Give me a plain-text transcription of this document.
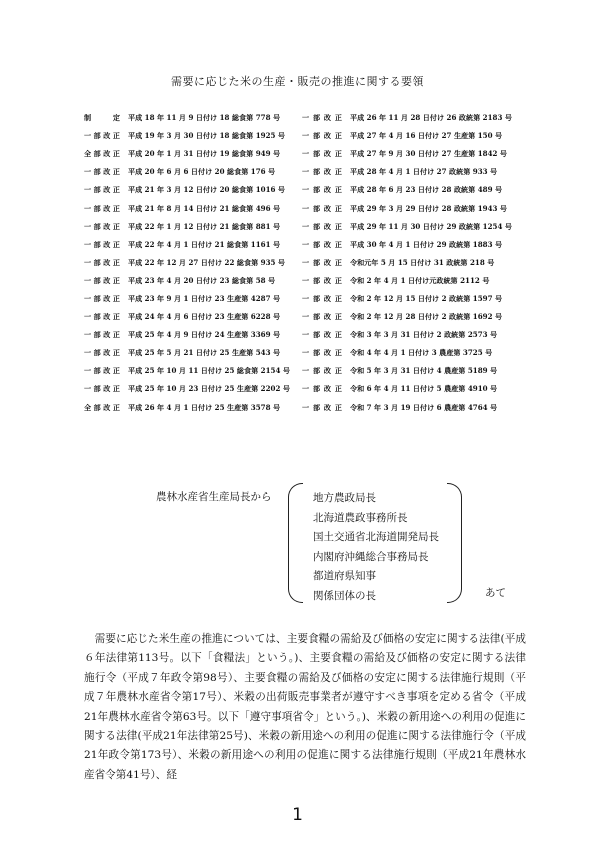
需要に応じた米の生産・販売の推進に関する要領
制定	平成 18 年 11 月 9 日付け 18 総食第 778 号	一部改正	平成 26 年 11 月 28 日付け 26 政統第 2183 号
一部改正	平成 19 年 3 月 30 日付け 18 総食第 1925 号	一部改正	平成 27 年 4 月 16 日付け 27 生産第 150 号
全部改正	平成 20 年 1 月 31 日付け 19 総食第 949 号	一部改正	平成 27 年 9 月 30 日付け 27 生産第 1842 号
一部改正	平成 20 年 6 月 6 日付け 20 総食第 176 号	一部改正	平成 28 年 4 月 1 日付け 27 政統第 933 号
一部改正	平成 21 年 3 月 12 日付け 20 総食第 1016 号	一部改正	平成 28 年 6 月 23 日付け 28 政統第 489 号
一部改正	平成 21 年 8 月 14 日付け 21 総食第 496 号	一部改正	平成 29 年 3 月 29 日付け 28 政統第 1943 号
一部改正	平成 22 年 1 月 12 日付け 21 総食第 881 号	一部改正	平成 29 年 11 月 30 日付け 29 政統第 1254 号
一部改正	平成 22 年 4 月 1 日付け 21 総食第 1161 号	一部改正	平成 30 年 4 月 1 日付け 29 政統第 1883 号
一部改正	平成 22 年 12 月 27 日付け 22 総食第 935 号	一部改正	令和元年 5 月 15 日付け 31 政統第 218 号
一部改正	平成 23 年 4 月 20 日付け 23 総食第 58 号	一部改正	令和 2 年 4 月 1 日付け元政統第 2112 号
一部改正	平成 23 年 9 月 1 日付け 23 生産第 4287 号	一部改正	令和 2 年 12 月 15 日付け 2 政統第 1597 号
一部改正	平成 24 年 4 月 6 日付け 23 生産第 6228 号	一部改正	令和 2 年 12 月 28 日付け 2 政統第 1692 号
一部改正	平成 25 年 4 月 9 日付け 24 生産第 3369 号	一部改正	令和 3 年 3 月 31 日付け 2 政統第 2573 号
一部改正	平成 25 年 5 月 21 日付け 25 生産第 543 号	一部改正	令和 4 年 4 月 1 日付け 3 農産第 3725 号
一部改正	平成 25 年 10 月 11 日付け 25 総食第 2154 号	一部改正	令和 5 年 3 月 31 日付け 4 農産第 5189 号
一部改正	平成 25 年 10 月 23 日付け 25 生産第 2202 号	一部改正	令和 6 年 4 月 11 日付け 5 農産第 4910 号
全部改正	平成 26 年 4 月 1 日付け 25 生産第 3578 号	一部改正	令和 7 年 3 月 19 日付け 6 農産第 4764 号
農林水産省生産局長から	地方農政局長
北海道農政事務所長
国土交通省北海道開発局長
内閣府沖縄総合事務局長
都道府県知事
関係団体の長	あて

需要に応じた米生産の推進については、主要食糧の需給及び価格の安定に関する法律(平成６年法律第113号。以下「食糧法」という。)、主要食糧の需給及び価格の安定に関する法律施行令（平成７年政令第98号）、主要食糧の需給及び価格の安定に関する法律施行規則（平成７年農林水産省令第17号）、米穀の出荷販売事業者が遵守すべき事項を定める省令（平成21年農林水産省令第63号。以下「遵守事項省令」という。)、米穀の新用途への利用の促進に関する法律(平成21年法律第25号)、米穀の新用途への利用の促進に関する法律施行令（平成21年政令第173号）、米穀の新用途への利用の促進に関する法律施行規則（平成21年農林水産省令第41号）、経

1
